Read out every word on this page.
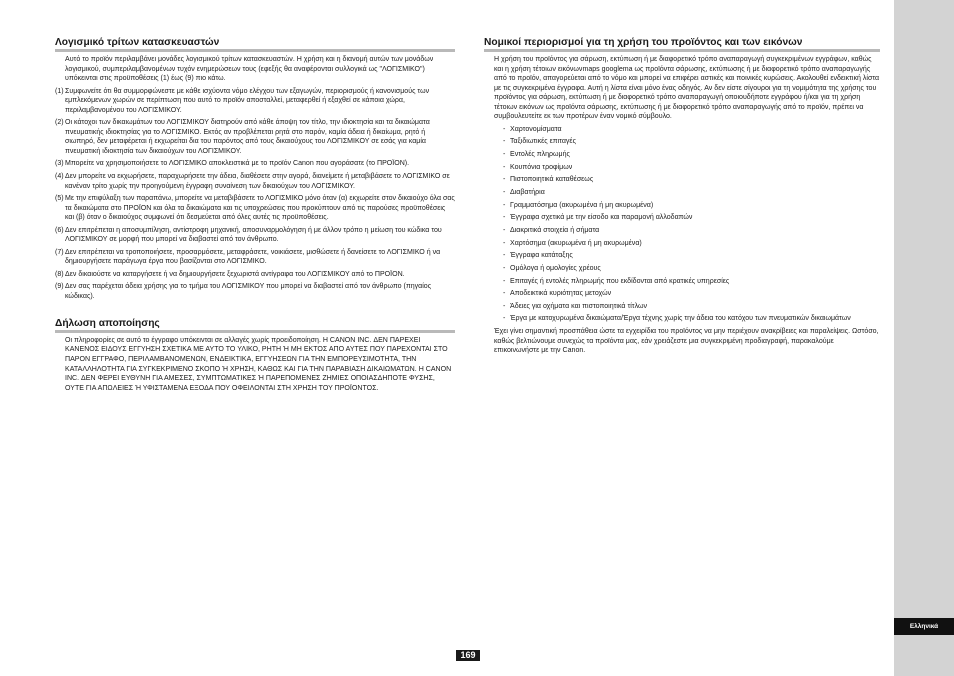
Λογισμικό τρίτων κατασκευαστών

Αυτό το προϊόν περιλαμβάνει μονάδες λογισμικού τρίτων κατασκευαστών. Η χρήση και η διανομή αυτών των μονάδων λογισμικού, συμπεριλαμβανομένων τυχόν ενημερώσεων τους (εφεξής θα αναφέρονται συλλογικά ως "ΛΟΓΙΣΜΙΚΟ") υπόκεινται στις προϋποθέσεις (1) έως (9) πιο κάτω.

(1) Συμφωνείτε ότι θα συμμορφώνεστε με κάθε ισχύοντα νόμο ελέγχου των εξαγωγών, περιορισμούς ή κανονισμούς των εμπλεκόμενων χωρών σε περίπτωση που αυτό το προϊόν αποσταλλεί, μεταφερθεί ή εξαχθεί σε κάποια χώρα, περιλαμβανομένου του ΛΟΓΙΣΜΙΚΟΥ.
(2) Οι κάτοχοι των δικαιωμάτων του ΛΟΓΙΣΜΙΚΟΥ διατηρούν από κάθε άποψη τον τίτλο, την ιδιοκτησία και τα δικαιώματα πνευματικής ιδιοκτησίας για το ΛΟΓΙΣΜΙΚΟ. Εκτός αν προβλέπεται ρητά στο παρόν, καμία άδεια ή δικαίωμα, ρητό ή σιωπηρό, δεν μεταφέρεται ή εκχωρείται δια του παρόντος από τους δικαιούχους του ΛΟΓΙΣΜΙΚΟΥ σε εσάς για καμία πνευματική ιδιοκτησία των δικαιούχων του ΛΟΓΙΣΜΙΚΟΥ.
(3) Μπορείτε να χρησιμοποιήσετε το ΛΟΓΙΣΜΙΚΟ αποκλειστικά με το προϊόν Canon που αγοράσατε (το ΠΡΟΪΟΝ).
(4) Δεν μπορείτε να εκχωρήσετε, παραχωρήσετε την άδεια, διαθέσετε στην αγορά, διανείμετε ή μεταβιβάσετε το ΛΟΓΙΣΜΙΚΟ σε κανέναν τρίτο χωρίς την προηγούμενη έγγραφη συναίνεση των δικαιούχων του ΛΟΓΙΣΜΙΚΟΥ.
(5) Με την επιφύλαξη των παραπάνω, μπορείτε να μεταβιβάσετε το ΛΟΓΙΣΜΙΚΟ μόνο όταν (α) εκχωρείτε στον δικαιούχο όλα σας τα δικαιώματα στο ΠΡΟΪΟΝ και όλα τα δικαιώματα και τις υποχρεώσεις που προκύπτουν από τις παρούσες προϋποθέσεις και (β) όταν ο δικαιούχος συμφωνεί ότι δεσμεύεται από όλες αυτές τις προϋποθέσεις.
(6) Δεν επιτρέπεται η αποσυμπίληση, αντίστροφη μηχανική, αποσυναρμολόγηση ή με άλλον τρόπο η μείωση του κώδικα του ΛΟΓΙΣΜΙΚΟΥ σε μορφή που μπορεί να διαβαστεί από τον άνθρωπο.
(7) Δεν επιτρέπεται να τροποποιήσετε, προσαρμόσετε, μεταφράσετε, νοικιάσετε, μισθώσετε ή δανείσετε το ΛΟΓΙΣΜΙΚΟ ή να δημιουργήσετε παράγωγα έργα που βασίζονται στο ΛΟΓΙΣΜΙΚΟ.
(8) Δεν δικαιούστε να καταργήσετε ή να δημιουργήσετε ξεχωριστά αντίγραφα του ΛΟΓΙΣΜΙΚΟΥ από το ΠΡΟΪΟΝ.
(9) Δεν σας παρέχεται άδεια χρήσης για το τμήμα του ΛΟΓΙΣΜΙΚΟΥ που μπορεί να διαβαστεί από τον άνθρωπο (πηγαίος κώδικας).
Δήλωση αποποίησης

Οι πληροφορίες σε αυτό το έγγραφο υπόκεινται σε αλλαγές χωρίς προειδοποίηση. Η CANON INC. ΔΕΝ ΠΑΡΕΧΕΙ ΚΑΝΕΝΟΣ ΕΙΔΟΥΣ ΕΓΓΥΗΣΗ ΣΧΕΤΙΚΑ ΜΕ ΑΥΤΟ ΤΟ ΥΛΙΚΟ, ΡΗΤΗ Ή ΜΗ ΕΚΤΟΣ ΑΠΟ ΑΥΤΕΣ ΠΟΥ ΠΑΡΕΧΟΝΤΑΙ ΣΤΟ ΠΑΡΟΝ ΕΓΓΡΑΦΟ, ΠΕΡΙΛΑΜΒΑΝΟΜΕΝΩΝ, ΕΝΔΕΙΚΤΙΚΑ, ΕΓΓΥΗΣΕΩΝ ΓΙΑ ΤΗΝ ΕΜΠΟΡΕΥΣΙΜΟΤΗΤΑ, ΤΗΝ ΚΑΤΑΛΛΗΛΟΤΗΤΑ ΓΙΑ ΣΥΓΚΕΚΡΙΜΕΝΟ ΣΚΟΠΟ Ή ΧΡΗΣΗ, ΚΑΘΩΣ ΚΑΙ ΓΙΑ ΤΗΝ ΠΑΡΑΒΙΑΣΗ ΔΙΚΑΙΩΜΑΤΩΝ. Η CANON INC. ΔΕΝ ΦΕΡΕΙ ΕΥΘΥΝΗ ΓΙΑ ΑΜΕΣΕΣ, ΣΥΜΠΤΩΜΑΤΙΚΕΣ Ή ΠΑΡΕΠΟΜΕΝΕΣ ΖΗΜΙΕΣ ΟΠΟΙΑΣΔΗΠΟΤΕ ΦΥΣΗΣ, ΟΥΤΕ ΓΙΑ ΑΠΩΛΕΙΕΣ Ή ΥΦΙΣΤΑΜΕΝΑ ΕΞΟΔΑ ΠΟΥ ΟΦΕΙΛΟΝΤΑΙ ΣΤΗ ΧΡΗΣΗ ΤΟΥ ΠΡΟΪΟΝΤΟΣ.

Νομικοί περιορισμοί για τη χρήση του προϊόντος και των εικόνων

Η χρήση του προϊόντος για σάρωση, εκτύπωση ή με διαφορετικό τρόπο αναπαραγωγή συγκεκριμένων εγγράφων, καθώς και η χρήση τέτοιων εικόνωνmaps googlema ως προϊόντα σάρωσης, εκτύπωσης ή με διαφορετικό τρόπο αναπαραγωγής από το προϊόν, απαγορεύεται από το νόμο και μπορεί να επιφέρει αστικές και ποινικές κυρώσεις. Ακολουθεί ενδεικτική λίστα με τις συγκεκριμένα έγγραφα. Αυτή η λίστα είναι μόνο ένας οδηγός. Αν δεν είστε σίγουροι για τη νομιμότητα της χρήσης του προϊόντος για σάρωση, εκτύπωση ή με διαφορετικό τρόπο αναπαραγωγή οποιουδήποτε εγγράφου ή/και για τη χρήση τέτοιων εικόνων ως προϊόντα σάρωσης, εκτύπωσης ή με διαφορετικό τρόπο αναπαραγωγής από το προϊόν, πρέπει να συμβουλευτείτε εκ των προτέρων έναν νομικό σύμβουλο.

- Χαρτονομίσματα
- Ταξιδιωτικές επιταγές
- Εντολές πληρωμής
- Κουπόνια τροφίμων
- Πιστοποιητικά καταθέσεως
- Διαβατήρια
- Γραμματόσημα (ακυρωμένα ή μη ακυρωμένα)
- Έγγραφα σχετικά με την είσοδο και παραμονή αλλοδαπών
- Διακριτικά στοιχεία ή σήματα
- Χαρτόσημα (ακυρωμένα ή μη ακυρωμένα)
- Έγγραφα κατάταξης
- Ομόλογα ή ομολογίες χρέους
- Επιταγές ή εντολές πληρωμής που εκδίδονται από κρατικές υπηρεσίες
- Αποδεικτικά κυριότητας μετοχών
- Άδειες για οχήματα και πιστοποιητικά τίτλων
- Έργα με κατοχυρωμένα δικαιώματα/Έργα τέχνης χωρίς την άδεια του κατόχου των πνευματικών δικαιωμάτων

Έχει γίνει σημαντική προσπάθεια ώστε τα εγχειρίδια του προϊόντος να μην περιέχουν ανακρίβειες και παραλείψεις. Ωστόσο, καθώς βελτιώνουμε συνεχώς τα προϊόντα μας, εάν χρειάζεστε μια συγκεκριμένη προδιαγραφή, παρακαλούμε επικοινωνήστε με την Canon.

169
Ελληνικά
